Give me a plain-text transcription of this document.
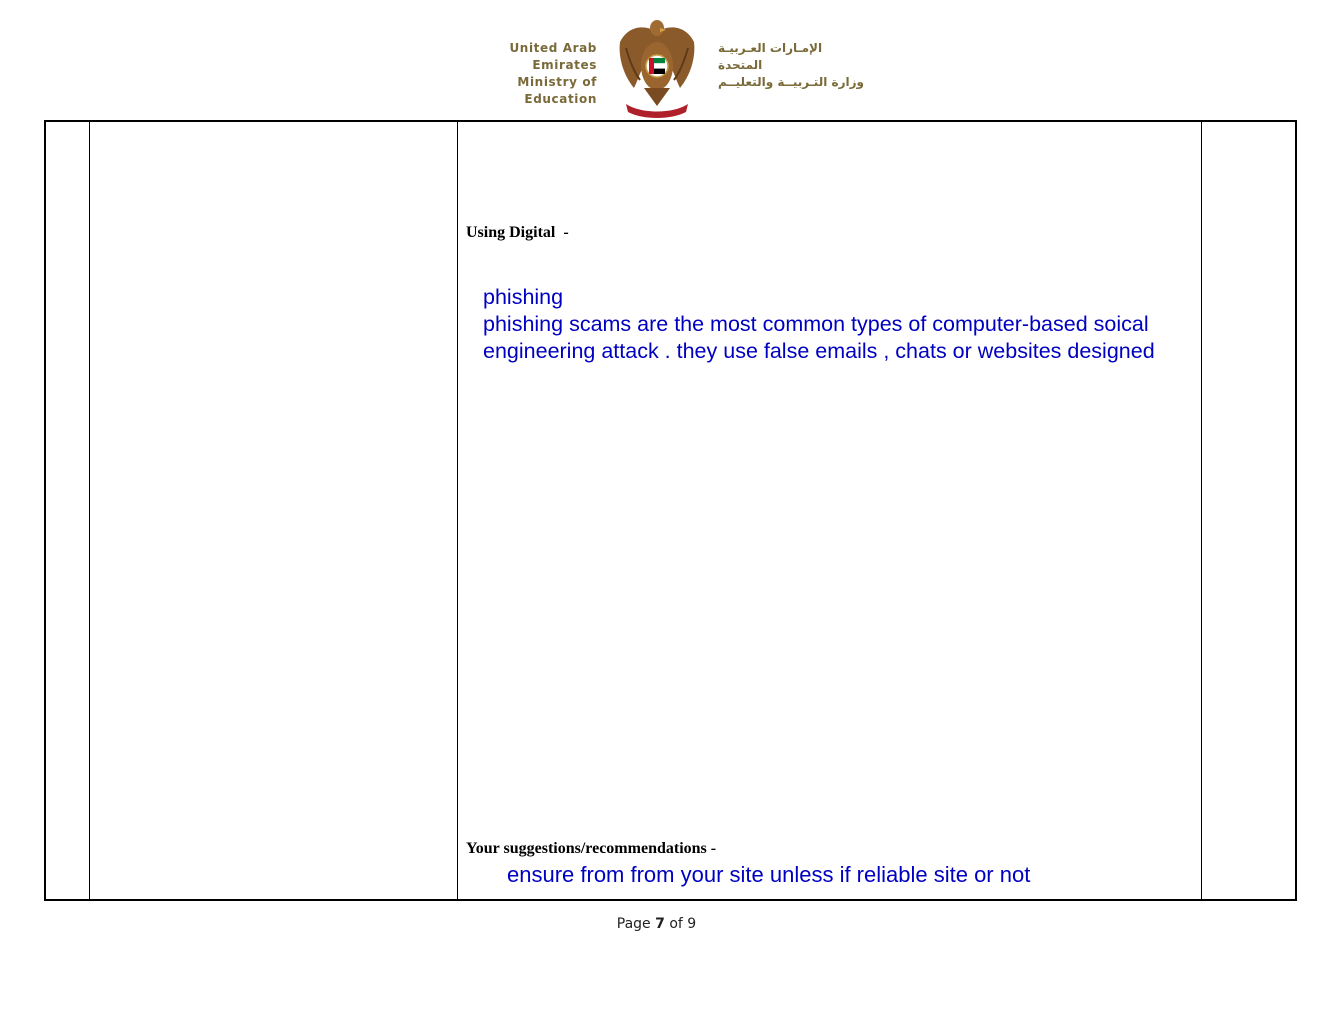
United Arab Emirates
Ministry of Education
الإمـارات العـربيـة المتحدة
وزارة التـربيــة والتعليــم
Using Digital  -
phishing
phishing scams are the most common types of computer-based soical
engineering attack . they use false emails , chats or websites designed
Your suggestions/recommendations -
ensure from from your site unless if reliable site or not
Page 7 of 9
